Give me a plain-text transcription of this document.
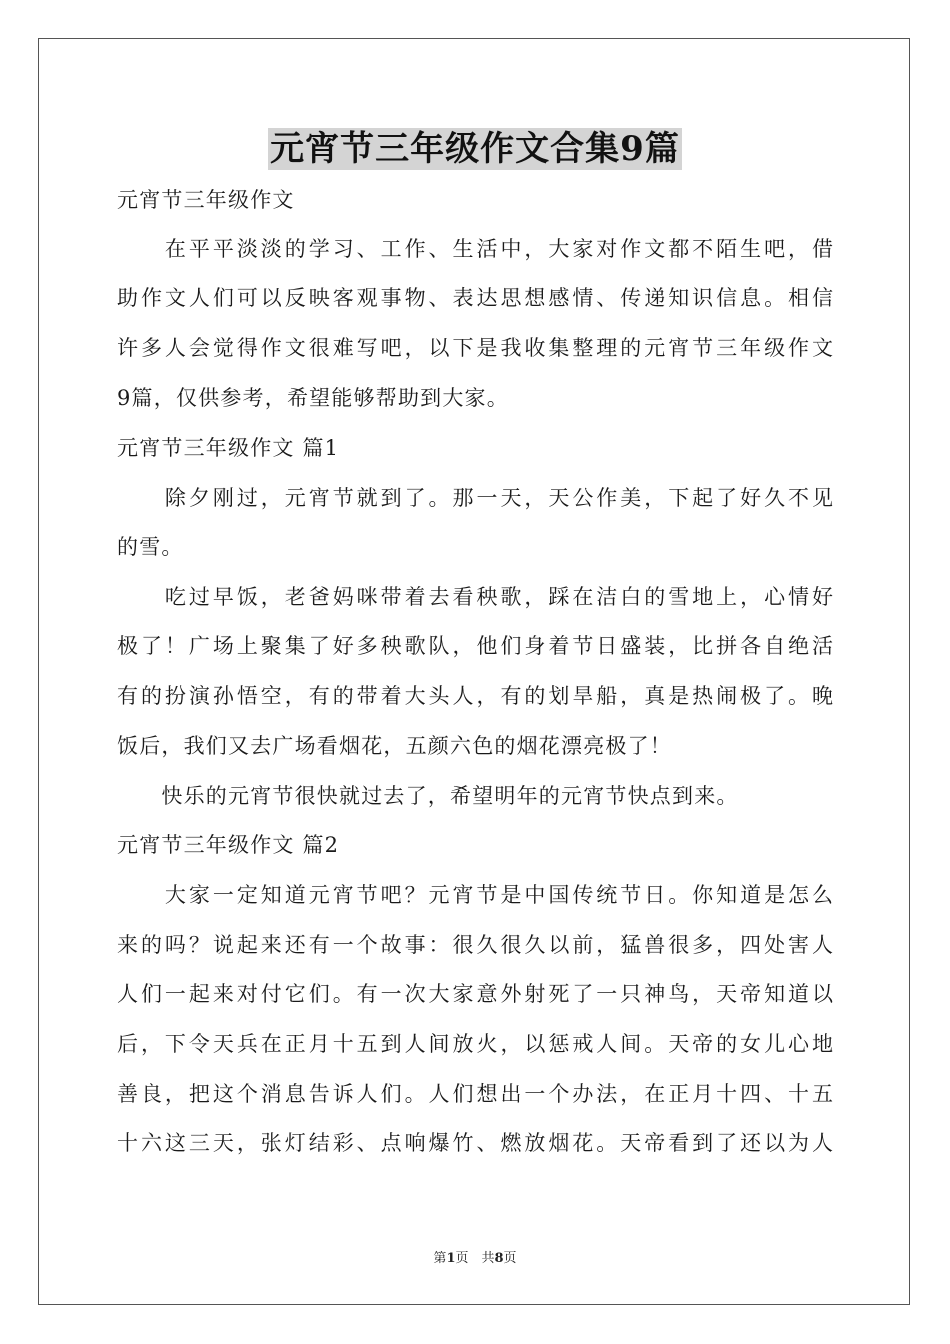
元宵节三年级作文合集9篇
元宵节三年级作文
　　在平平淡淡的学习、工作、生活中，大家对作文都不陌生吧，借
助作文人们可以反映客观事物、表达思想感情、传递知识信息。相信
许多人会觉得作文很难写吧，以下是我收集整理的元宵节三年级作文
9篇，仅供参考，希望能够帮助到大家。
元宵节三年级作文 篇1
　　除夕刚过，元宵节就到了。那一天，天公作美，下起了好久不见
的雪。
　　吃过早饭，老爸妈咪带着去看秧歌，踩在洁白的雪地上，心情好
极了！广场上聚集了好多秧歌队，他们身着节日盛装，比拼各自绝活
有的扮演孙悟空，有的带着大头人，有的划旱船，真是热闹极了。晚
饭后，我们又去广场看烟花，五颜六色的烟花漂亮极了！
　　快乐的元宵节很快就过去了，希望明年的元宵节快点到来。
元宵节三年级作文 篇2
　　大家一定知道元宵节吧？元宵节是中国传统节日。你知道是怎么
来的吗？说起来还有一个故事：很久很久以前，猛兽很多，四处害人
人们一起来对付它们。有一次大家意外射死了一只神鸟，天帝知道以
后，下令天兵在正月十五到人间放火，以惩戒人间。天帝的女儿心地
善良，把这个消息告诉人们。人们想出一个办法，在正月十四、十五
十六这三天，张灯结彩、点响爆竹、燃放烟花。天帝看到了还以为人
第1页　共8页
